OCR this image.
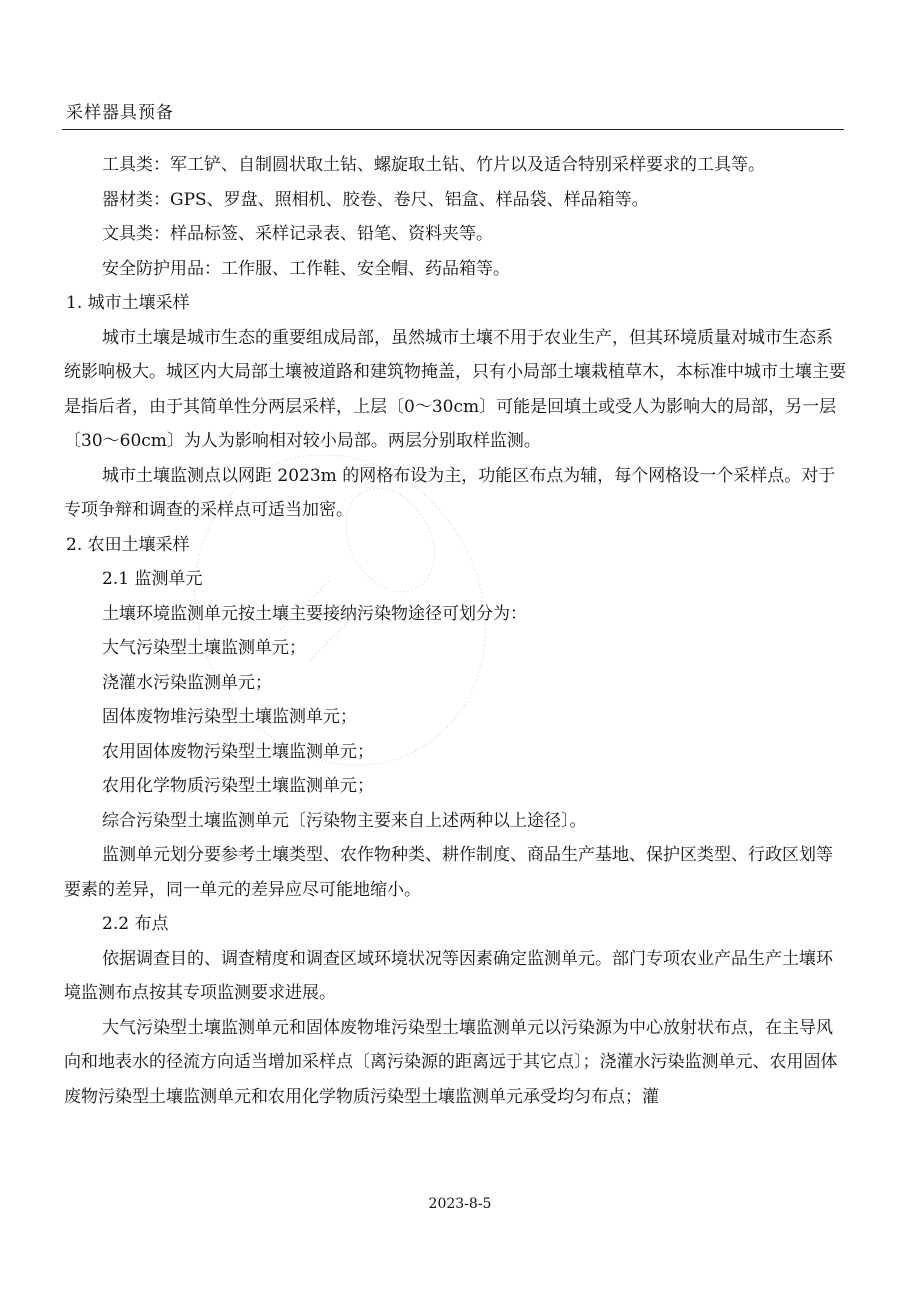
采样器具预备

工具类：军工铲、自制圆状取土钻、螺旋取土钻、竹片以及适合特别采样要求的工具等。

器材类：GPS、罗盘、照相机、胶卷、卷尺、铝盒、样品袋、样品箱等。

文具类：样品标签、采样记录表、铅笔、资料夹等。

安全防护用品：工作服、工作鞋、安全帽、药品箱等。

1. 城市土壤采样

城市土壤是城市生态的重要组成局部，虽然城市土壤不用于农业生产，但其环境质量对城市生态系统影响极大。城区内大局部土壤被道路和建筑物掩盖，只有小局部土壤栽植草木，本标准中城市土壤主要是指后者，由于其简单性分两层采样，上层〔0～30cm〕可能是回填土或受人为影响大的局部，另一层〔30～60cm〕为人为影响相对较小局部。两层分别取样监测。

城市土壤监测点以网距 2023m 的网格布设为主，功能区布点为辅，每个网格设一个采样点。对于专项争辩和调查的采样点可适当加密。

2. 农田土壤采样

2.1 监测单元

土壤环境监测单元按土壤主要接纳污染物途径可划分为：

大气污染型土壤监测单元；

浇灌水污染监测单元；

固体废物堆污染型土壤监测单元；

农用固体废物污染型土壤监测单元；

农用化学物质污染型土壤监测单元；

综合污染型土壤监测单元〔污染物主要来自上述两种以上途径〕。

监测单元划分要参考土壤类型、农作物种类、耕作制度、商品生产基地、保护区类型、行政区划等要素的差异，同一单元的差异应尽可能地缩小。

2.2 布点

依据调查目的、调查精度和调查区域环境状况等因素确定监测单元。部门专项农业产品生产土壤环境监测布点按其专项监测要求进展。

大气污染型土壤监测单元和固体废物堆污染型土壤监测单元以污染源为中心放射状布点，在主导风向和地表水的径流方向适当增加采样点〔离污染源的距离远于其它点〕；浇灌水污染监测单元、农用固体废物污染型土壤监测单元和农用化学物质污染型土壤监测单元承受均匀布点；灌

2023-8-5
